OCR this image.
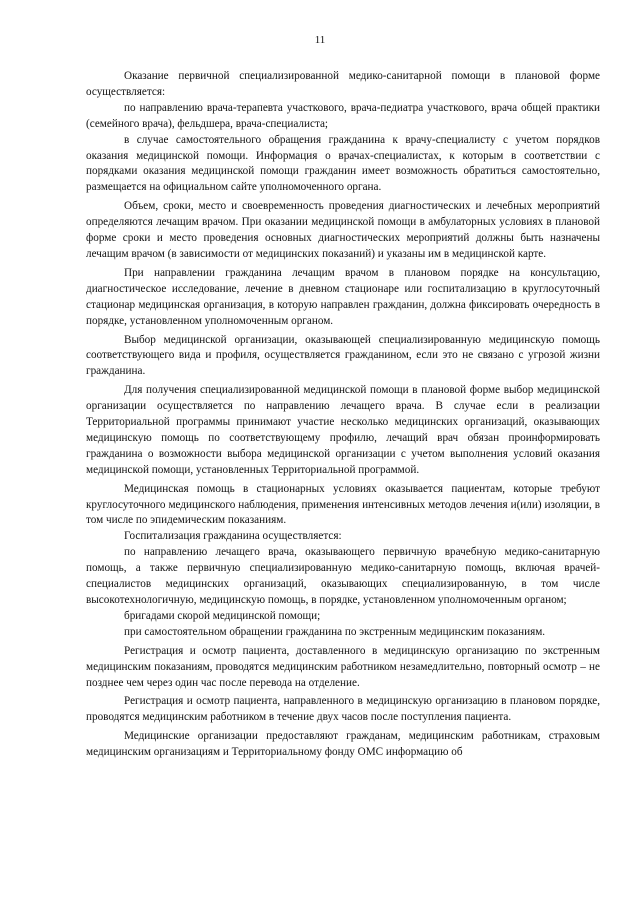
11

Оказание первичной специализированной медико-санитарной помощи в плановой форме осуществляется:

по направлению врача-терапевта участкового, врача-педиатра участкового, врача общей практики (семейного врача), фельдшера, врача-специалиста;

в случае самостоятельного обращения гражданина к врачу-специалисту с учетом порядков оказания медицинской помощи. Информация о врачах-специалистах, к которым в соответствии с порядками оказания медицинской помощи гражданин имеет возможность обратиться самостоятельно, размещается на официальном сайте уполномоченного органа.

Объем, сроки, место и своевременность проведения диагностических и лечебных мероприятий определяются лечащим врачом. При оказании медицинской помощи в амбулаторных условиях в плановой форме сроки и место проведения основных диагностических мероприятий должны быть назначены лечащим врачом (в зависимости от медицинских показаний) и указаны им в медицинской карте.

При направлении гражданина лечащим врачом в плановом порядке на консультацию, диагностическое исследование, лечение в дневном стационаре или госпитализацию в круглосуточный стационар медицинская организация, в которую направлен гражданин, должна фиксировать очередность в порядке, установленном уполномоченным органом.

Выбор медицинской организации, оказывающей специализированную медицинскую помощь соответствующего вида и профиля, осуществляется гражданином, если это не связано с угрозой жизни гражданина.

Для получения специализированной медицинской помощи в плановой форме выбор медицинской организации осуществляется по направлению лечащего врача. В случае если в реализации Территориальной программы принимают участие несколько медицинских организаций, оказывающих медицинскую помощь по соответствующему профилю, лечащий врач обязан проинформировать гражданина о возможности выбора медицинской организации с учетом выполнения условий оказания медицинской помощи, установленных Территориальной программой.

Медицинская помощь в стационарных условиях оказывается пациентам, которые требуют круглосуточного медицинского наблюдения, применения интенсивных методов лечения и(или) изоляции, в том числе по эпидемическим показаниям.

Госпитализация гражданина осуществляется:

по направлению лечащего врача, оказывающего первичную врачебную медико-санитарную помощь, а также первичную специализированную медико-санитарную помощь, включая врачей-специалистов медицинских организаций, оказывающих специализированную, в том числе высокотехнологичную, медицинскую помощь, в порядке, установленном уполномоченным органом;

бригадами скорой медицинской помощи;

при самостоятельном обращении гражданина по экстренным медицинским показаниям.

Регистрация и осмотр пациента, доставленного в медицинскую организацию по экстренным медицинским показаниям, проводятся медицинским работником незамедлительно, повторный осмотр – не позднее чем через один час после перевода на отделение.

Регистрация и осмотр пациента, направленного в медицинскую организацию в плановом порядке, проводятся медицинским работником в течение двух часов после поступления пациента.

Медицинские организации предоставляют гражданам, медицинским работникам, страховым медицинским организациям и Территориальному фонду ОМС информацию об
